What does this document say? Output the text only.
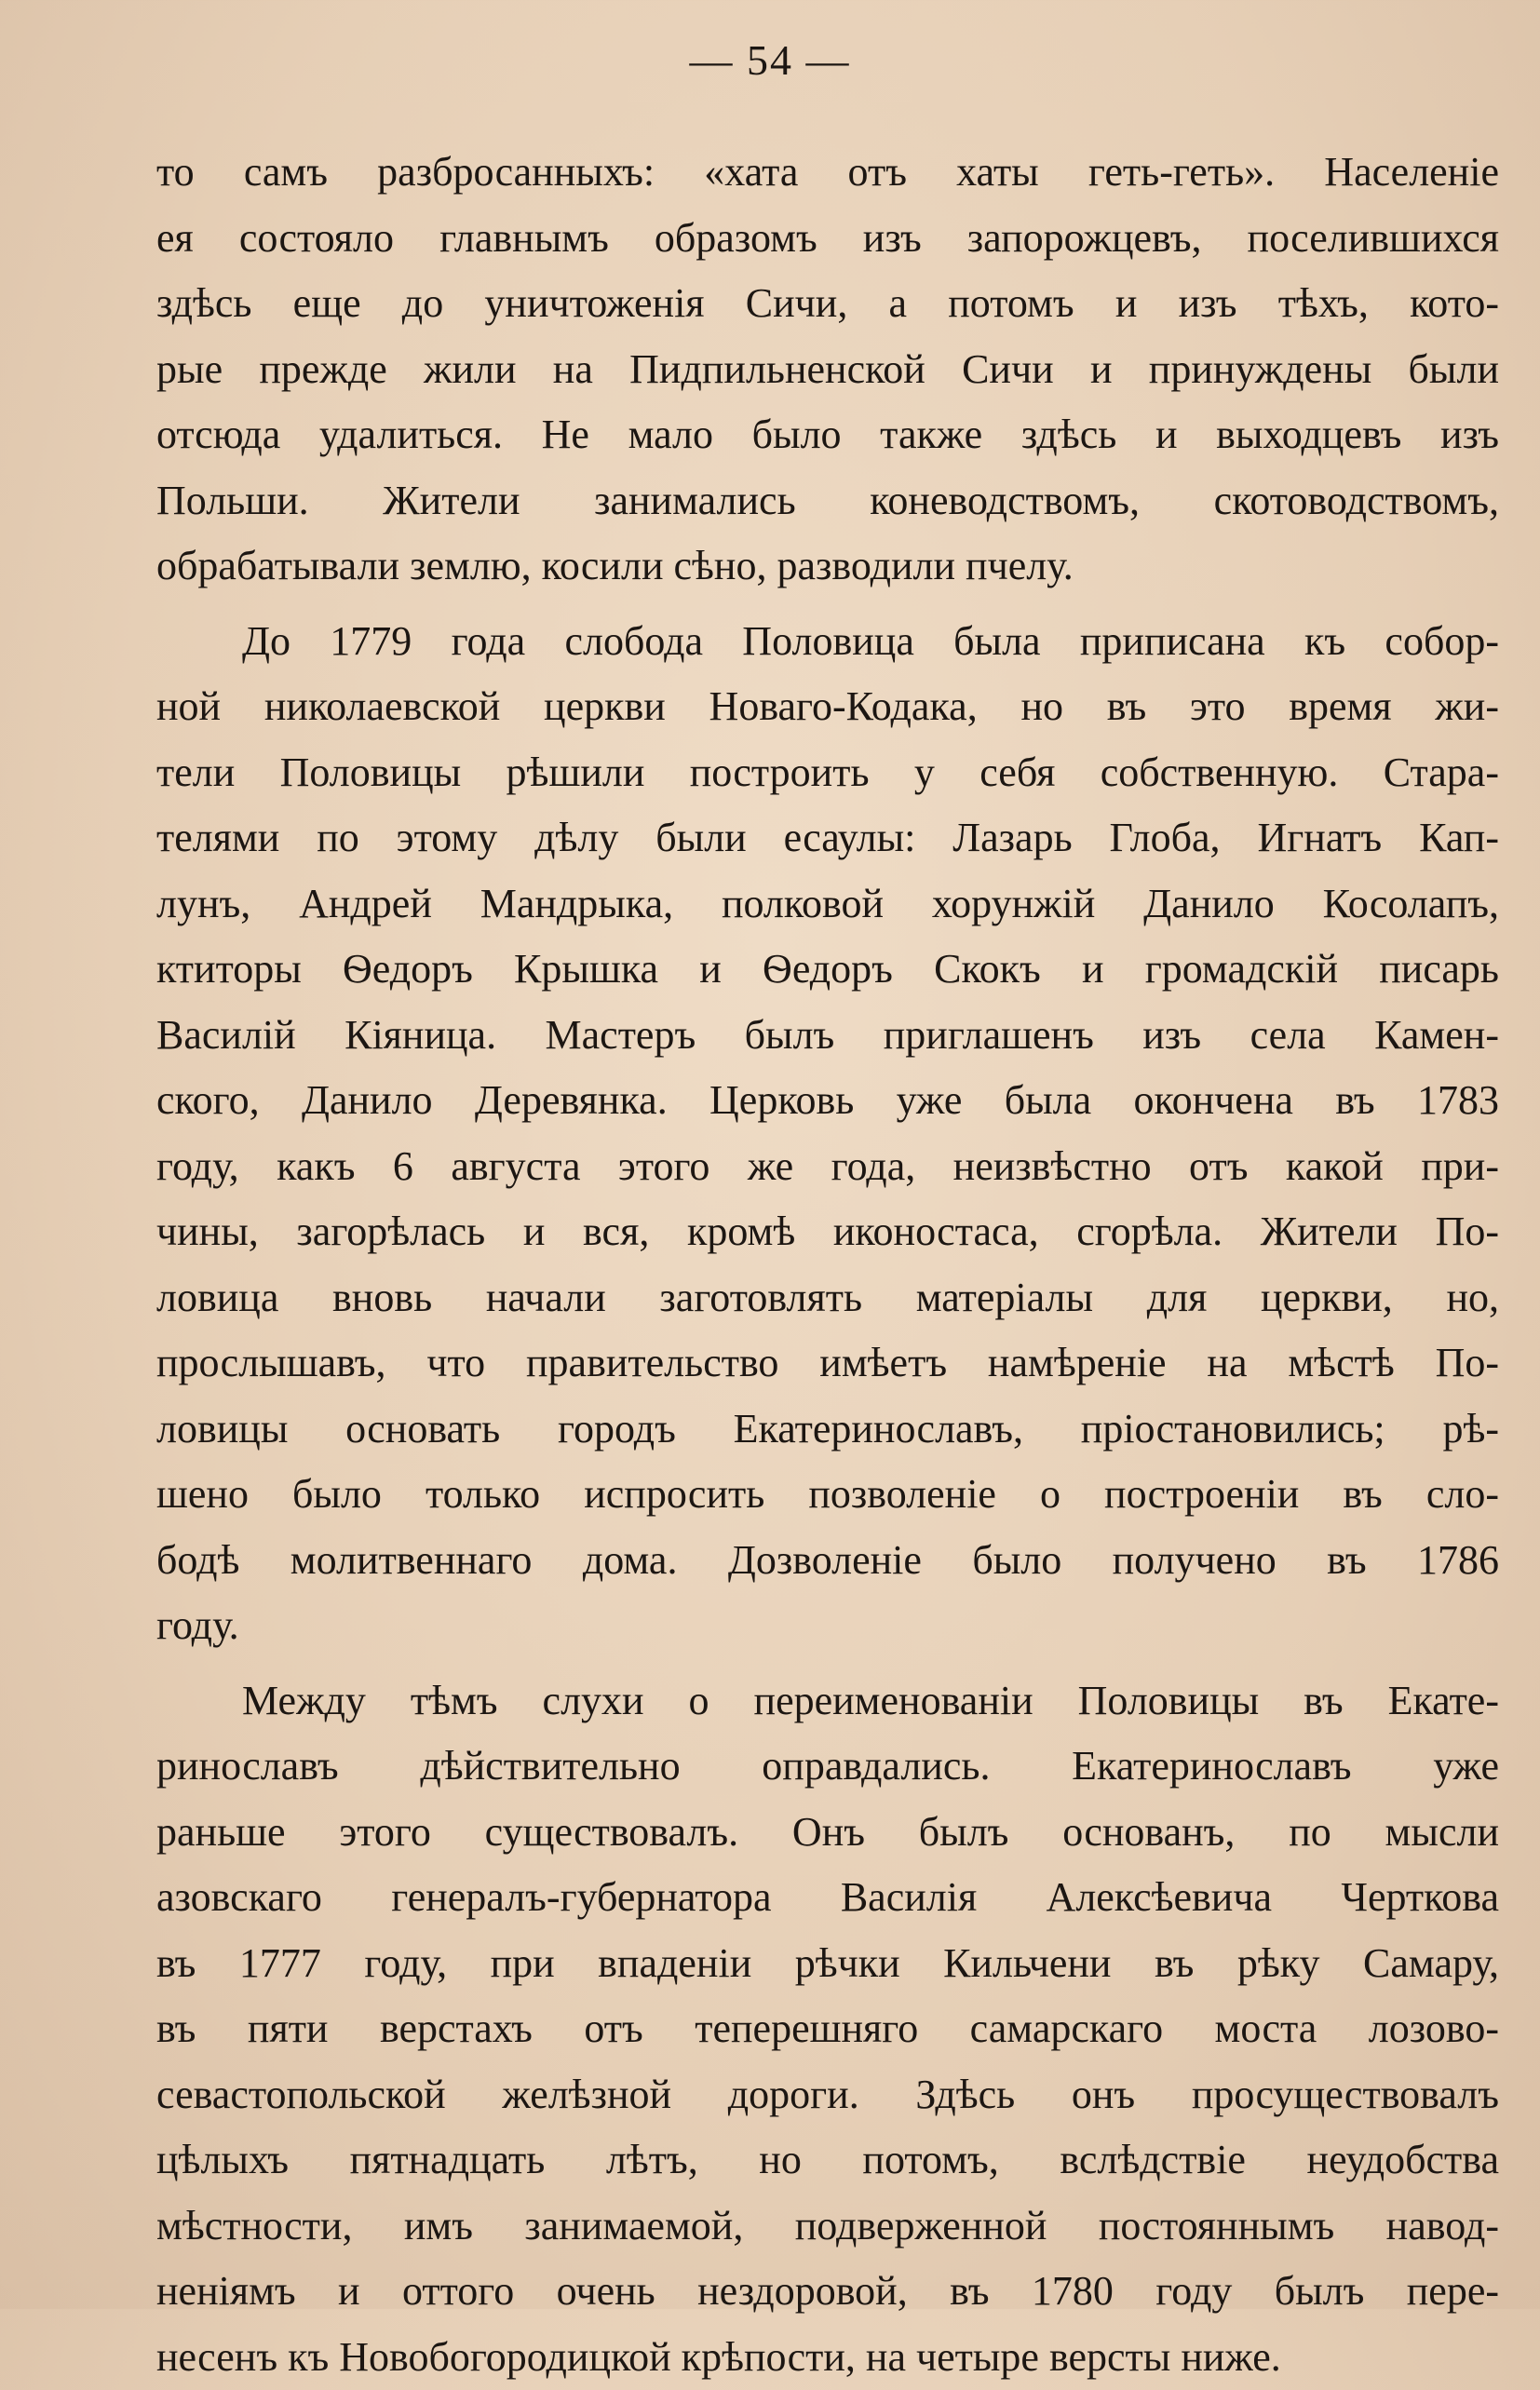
— 54 —

то самъ разбросанныхъ: «хата отъ хаты геть-геть». Населеніе
ея состояло главнымъ образомъ изъ запорожцевъ, поселившихся
здѣсь еще до уничтоженія Сичи, а потомъ и изъ тѣхъ, кото-
рые прежде жили на Пидпильненской Сичи и принуждены были
отсюда удалиться. Не мало было также здѣсь и выходцевъ изъ
Польши. Жители занимались коневодствомъ, скотоводствомъ,
обрабатывали землю, косили сѣно, разводили пчелу.

До 1779 года слобода Половица была приписана къ собор-
ной николаевской церкви Новаго-Кодака, но въ это время жи-
тели Половицы рѣшили построить у себя собственную. Стара-
телями по этому дѣлу были есаулы: Лазарь Глоба, Игнатъ Кап-
лунъ, Андрей Мандрыка, полковой хорунжій Данило Косолапъ,
ктиторы Ѳедоръ Крышка и Ѳедоръ Скокъ и громадскій писарь
Василій Кіяница. Мастеръ былъ приглашенъ изъ села Камен-
ского, Данило Деревянка. Церковь уже была окончена въ 1783
году, какъ 6 августа этого же года, неизвѣстно отъ какой при-
чины, загорѣлась и вся, кромѣ иконостаса, сгорѣла. Жители По-
ловица вновь начали заготовлять матеріалы для церкви, но,
прослышавъ, что правительство имѣетъ намѣреніе на мѣстѣ По-
ловицы основать городъ Екатеринославъ, пріостановились; рѣ-
шено было только испросить позволеніе о построеніи въ сло-
бодѣ молитвеннаго дома. Дозволеніе было получено въ 1786
году.

Между тѣмъ слухи о переименованіи Половицы въ Екате-
ринославъ дѣйствительно оправдались. Екатеринославъ уже
раньше этого существовалъ. Онъ былъ основанъ, по мысли
азовскаго генералъ-губернатора Василія Алексѣевича Черткова
въ 1777 году, при впаденіи рѣчки Кильчени въ рѣку Самару,
въ пяти верстахъ отъ теперешняго самарскаго моста лозово-
севастопольской желѣзной дороги. Здѣсь онъ просуществовалъ
цѣлыхъ пятнадцать лѣтъ, но потомъ, вслѣдствіе неудобства
мѣстности, имъ занимаемой, подверженной постояннымъ навод-
неніямъ и оттого очень нездоровой, въ 1780 году былъ пере-
несенъ къ Новобогородицкой крѣпости, на четыре версты ниже.
